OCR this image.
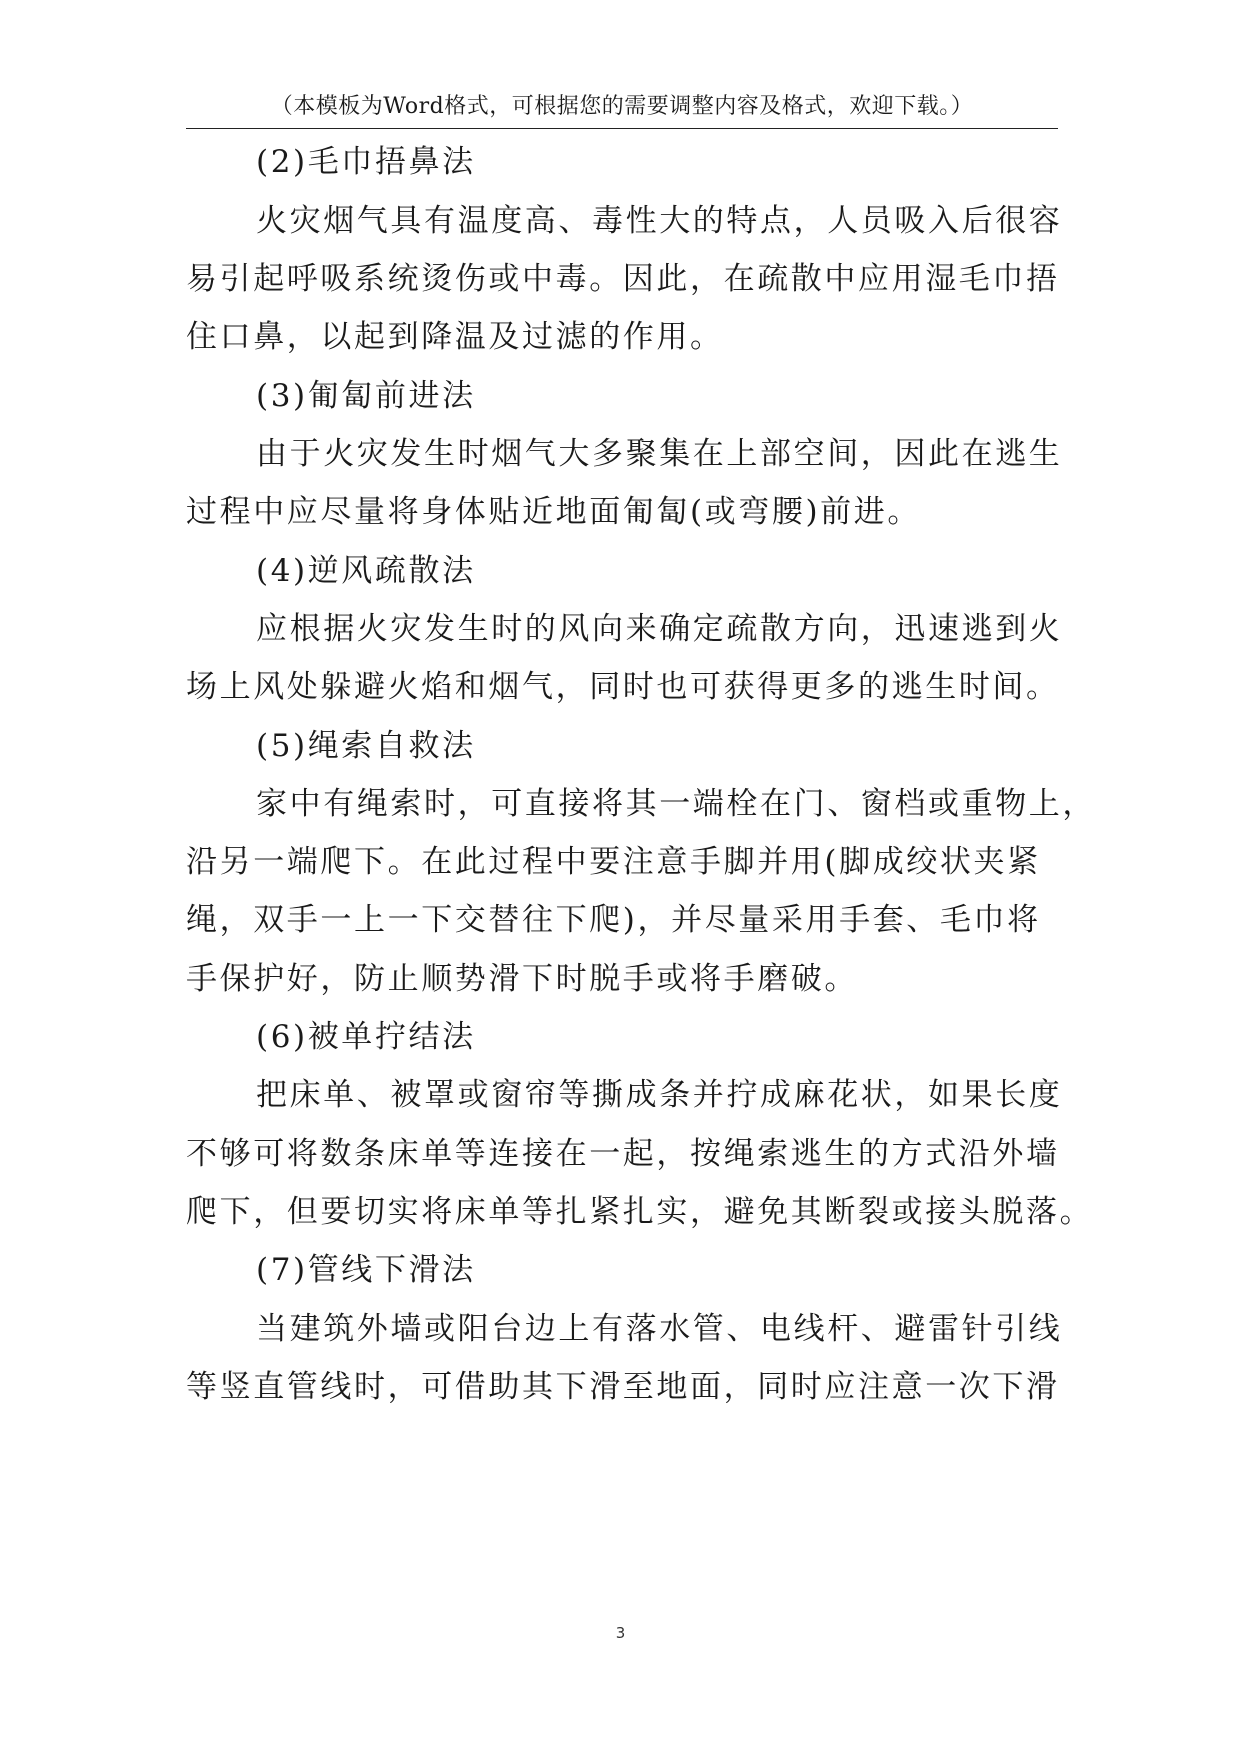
（本模板为Word格式，可根据您的需要调整内容及格式，欢迎下载。）
(2)毛巾捂鼻法
火灾烟气具有温度高、毒性大的特点，人员吸入后很容
易引起呼吸系统烫伤或中毒。因此，在疏散中应用湿毛巾捂
住口鼻，以起到降温及过滤的作用。
(3)匍匐前进法
由于火灾发生时烟气大多聚集在上部空间，因此在逃生
过程中应尽量将身体贴近地面匍匐(或弯腰)前进。
(4)逆风疏散法
应根据火灾发生时的风向来确定疏散方向，迅速逃到火
场上风处躲避火焰和烟气，同时也可获得更多的逃生时间。
(5)绳索自救法
家中有绳索时，可直接将其一端栓在门、窗档或重物上，
沿另一端爬下。在此过程中要注意手脚并用(脚成绞状夹紧
绳，双手一上一下交替往下爬)，并尽量采用手套、毛巾将
手保护好，防止顺势滑下时脱手或将手磨破。
(6)被单拧结法
把床单、被罩或窗帘等撕成条并拧成麻花状，如果长度
不够可将数条床单等连接在一起，按绳索逃生的方式沿外墙
爬下，但要切实将床单等扎紧扎实，避免其断裂或接头脱落。
(7)管线下滑法
当建筑外墙或阳台边上有落水管、电线杆、避雷针引线
等竖直管线时，可借助其下滑至地面，同时应注意一次下滑
3
